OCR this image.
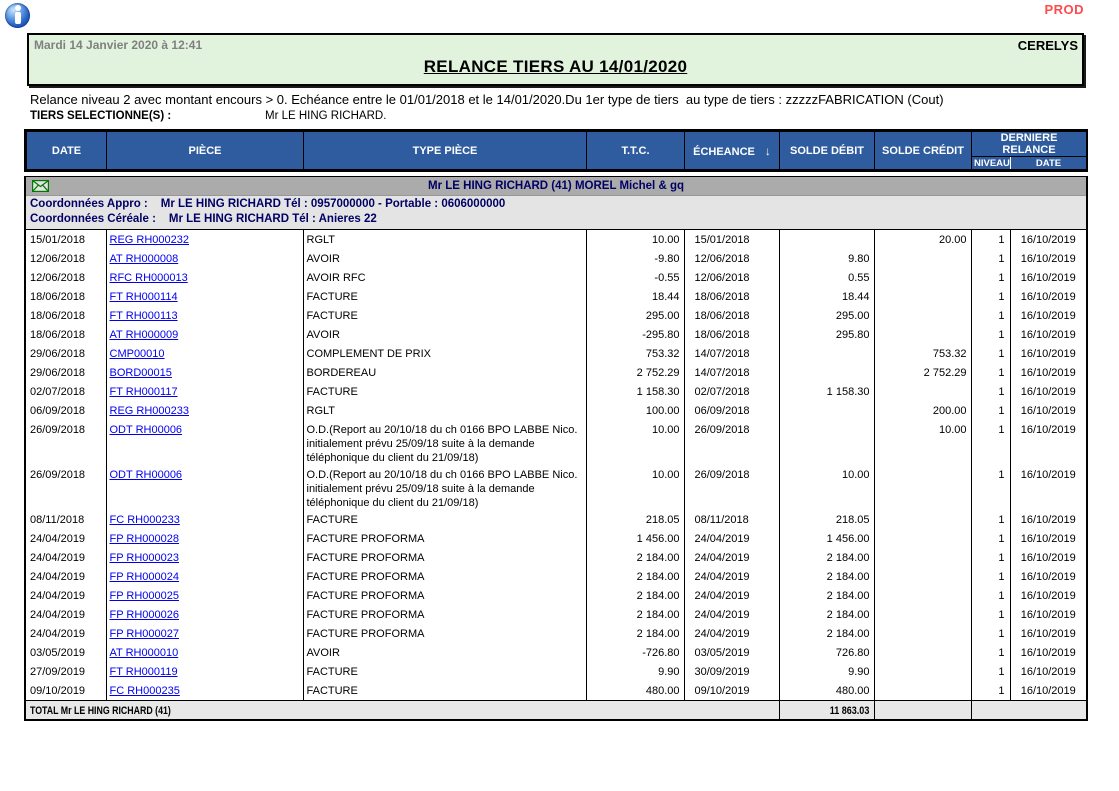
PROD
Mardi 14 Janvier 2020 à 12:41	CERELYS
RELANCE TIERS AU 14/01/2020
Relance niveau 2 avec montant encours > 0. Echéance entre le 01/01/2018 et le 14/01/2020.Du 1er type de tiers  au type de tiers : zzzzzFABRICATION (Cout)
TIERS SELECTIONNE(S) :	Mr LE HING RICHARD.
DATE	PIÈCE	TYPE PIÈCE	T.T.C.	ÉCHEANCE ↓	SOLDE DÉBIT	SOLDE CRÉDIT	DERNIERE RELANCE	
							NIVEAU	DATE
Mr LE HING RICHARD (41) MOREL Michel & gq
Coordonnées Appro : Mr LE HING RICHARD Tél : 0957000000 - Portable : 0606000000
Coordonnées Céréale : Mr LE HING RICHARD Tél : Anieres 22
15/01/2018	REG RH000232	RGLT	10.00	15/01/2018		20.00	1	16/10/2019
12/06/2018	AT RH000008	AVOIR	-9.80	12/06/2018	9.80		1	16/10/2019
12/06/2018	RFC RH000013	AVOIR RFC	-0.55	12/06/2018	0.55		1	16/10/2019
18/06/2018	FT RH000114	FACTURE	18.44	18/06/2018	18.44		1	16/10/2019
18/06/2018	FT RH000113	FACTURE	295.00	18/06/2018	295.00		1	16/10/2019
18/06/2018	AT RH000009	AVOIR	-295.80	18/06/2018	295.80		1	16/10/2019
29/06/2018	CMP00010	COMPLEMENT DE PRIX	753.32	14/07/2018		753.32	1	16/10/2019
29/06/2018	BORD00015	BORDEREAU	2 752.29	14/07/2018		2 752.29	1	16/10/2019
02/07/2018	FT RH000117	FACTURE	1 158.30	02/07/2018	1 158.30		1	16/10/2019
06/09/2018	REG RH000233	RGLT	100.00	06/09/2018		200.00	1	16/10/2019
26/09/2018	ODT RH00006	O.D.(Report au 20/10/18 du ch 0166 BPO LABBE Nico. initialement prévu 25/09/18 suite à la demande téléphonique du client du 21/09/18)	10.00	26/09/2018		10.00	1	16/10/2019
26/09/2018	ODT RH00006	O.D.(Report au 20/10/18 du ch 0166 BPO LABBE Nico. initialement prévu 25/09/18 suite à la demande téléphonique du client du 21/09/18)	10.00	26/09/2018	10.00		1	16/10/2019
08/11/2018	FC RH000233	FACTURE	218.05	08/11/2018	218.05		1	16/10/2019
24/04/2019	FP RH000028	FACTURE PROFORMA	1 456.00	24/04/2019	1 456.00		1	16/10/2019
24/04/2019	FP RH000023	FACTURE PROFORMA	2 184.00	24/04/2019	2 184.00		1	16/10/2019
24/04/2019	FP RH000024	FACTURE PROFORMA	2 184.00	24/04/2019	2 184.00		1	16/10/2019
24/04/2019	FP RH000025	FACTURE PROFORMA	2 184.00	24/04/2019	2 184.00		1	16/10/2019
24/04/2019	FP RH000026	FACTURE PROFORMA	2 184.00	24/04/2019	2 184.00		1	16/10/2019
24/04/2019	FP RH000027	FACTURE PROFORMA	2 184.00	24/04/2019	2 184.00		1	16/10/2019
03/05/2019	AT RH000010	AVOIR	-726.80	03/05/2019	726.80		1	16/10/2019
27/09/2019	FT RH000119	FACTURE	9.90	30/09/2019	9.90		1	16/10/2019
09/10/2019	FC RH000235	FACTURE	480.00	09/10/2019	480.00		1	16/10/2019
TOTAL Mr LE HING RICHARD (41)					11 863.03			
